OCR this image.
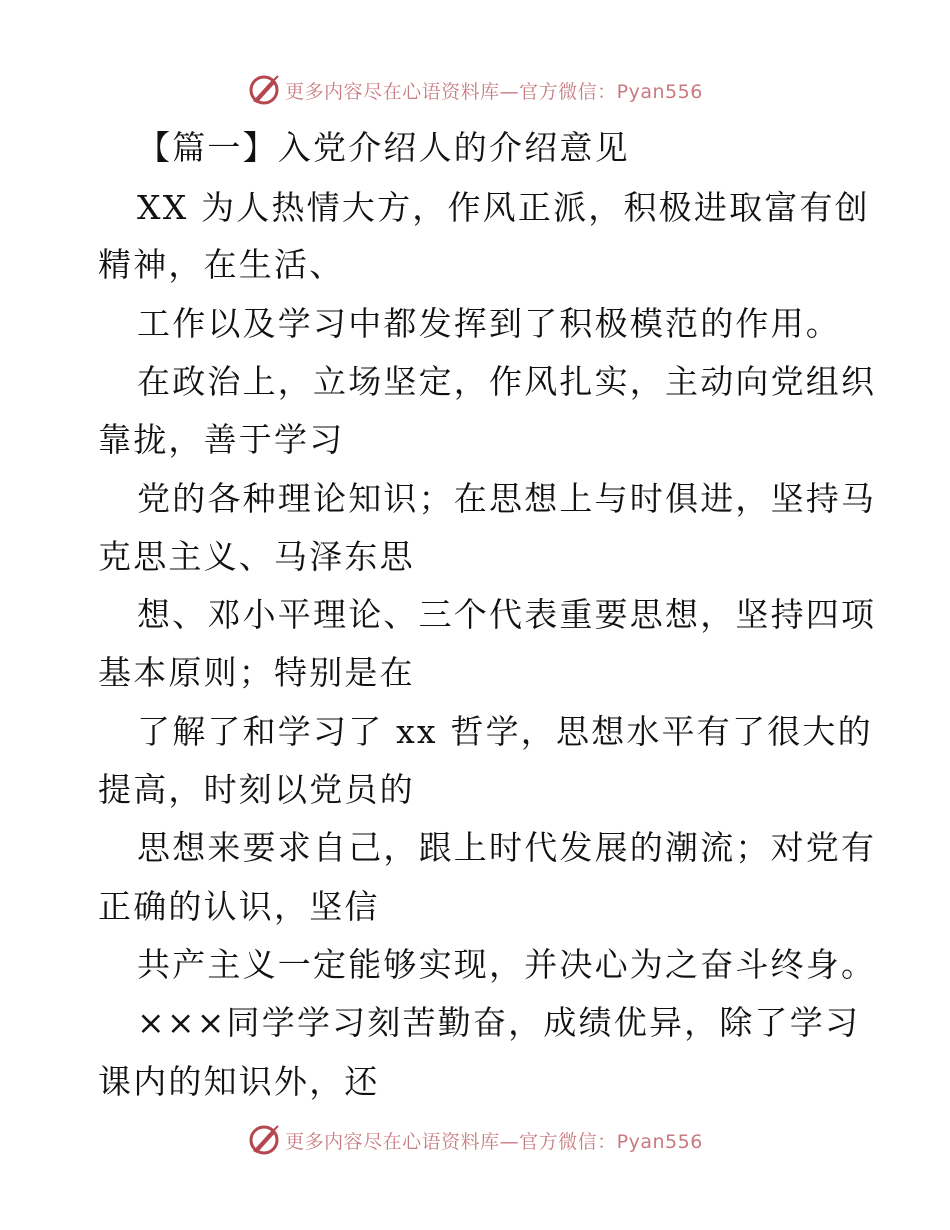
更多内容尽在心语资料库—官方微信：Pyan556

【篇一】入党介绍人的介绍意见

XX 为人热情大方，作风正派，积极进取富有创

精神，在生活、

工作以及学习中都发挥到了积极模范的作用。

在政治上，立场坚定，作风扎实，主动向党组织

靠拢，善于学习

党的各种理论知识；在思想上与时俱进，坚持马

克思主义、马泽东思

想、邓小平理论、三个代表重要思想，坚持四项

基本原则；特别是在

了解了和学习了 xx 哲学，思想水平有了很大的

提高，时刻以党员的

思想来要求自己，跟上时代发展的潮流；对党有

正确的认识，坚信

共产主义一定能够实现，并决心为之奋斗终身。

×××同学学习刻苦勤奋，成绩优异，除了学习

课内的知识外，还

更多内容尽在心语资料库—官方微信：Pyan556
